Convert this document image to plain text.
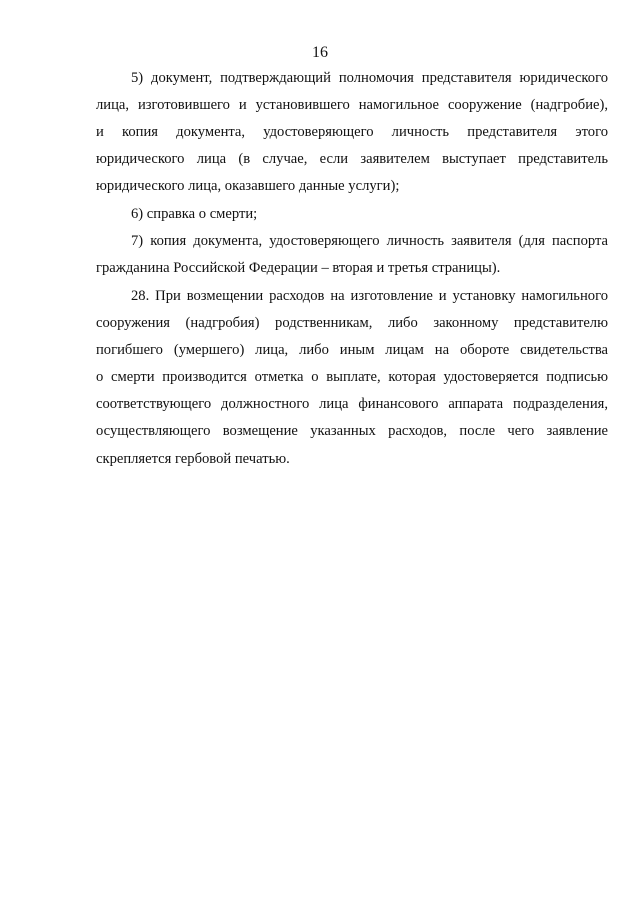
16
5) документ, подтверждающий полномочия представителя юридического
лица, изготовившего и установившего намогильное сооружение (надгробие),
и копия документа, удостоверяющего личность представителя этого
юридического лица (в случае, если заявителем выступает представитель
юридического лица, оказавшего данные услуги);
6) справка о смерти;
7) копия документа, удостоверяющего личность заявителя (для паспорта
гражданина Российской Федерации – вторая и третья страницы).
28. При возмещении расходов на изготовление и установку намогильного
сооружения (надгробия) родственникам, либо законному представителю
погибшего (умершего) лица, либо иным лицам на обороте свидетельства
о смерти производится отметка о выплате, которая удостоверяется подписью
соответствующего должностного лица финансового аппарата подразделения,
осуществляющего возмещение указанных расходов, после чего заявление
скрепляется гербовой печатью.
